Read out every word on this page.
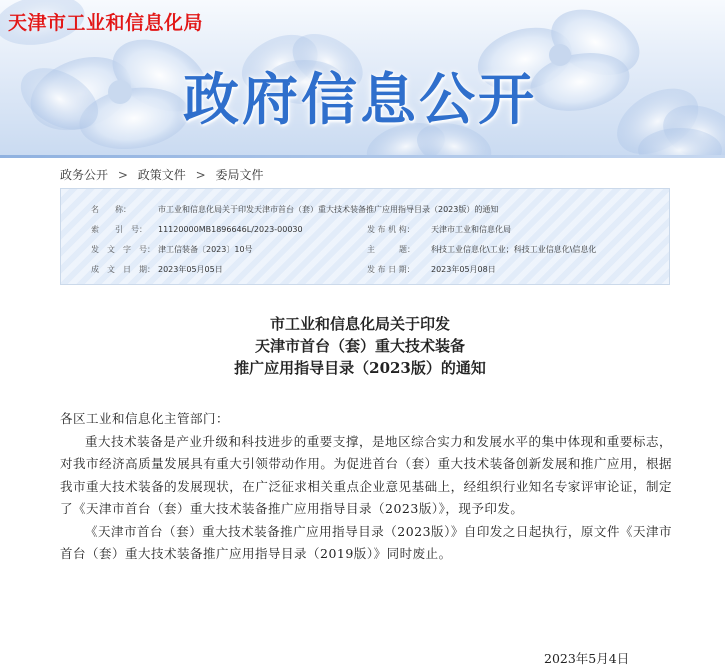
天津市工业和信息化局
政府信息公开
政务公开 > 政策文件 > 委局文件
名　　称：	市工业和信息化局关于印发天津市首台（套）重大技术装备推广应用指导目录（2023版）的通知
索　　引　号： 11120000MB1896646L/2023-00030	发 布 机 构： 天津市工业和信息化局
发　文　字　号： 津工信装备〔2023〕10号	主　　　题： 科技工业信息化\工业；科技工业信息化\信息化
成　文　日　期： 2023年05月05日	发 布 日 期： 2023年05月08日
市工业和信息化局关于印发
天津市首台（套）重大技术装备
推广应用指导目录（2023版）的通知

各区工业和信息化主管部门：

重大技术装备是产业升级和科技进步的重要支撑，是地区综合实力和发展水平的集中体现和重要标志，对我市经济高质量发展具有重大引领带动作用。为促进首台（套）重大技术装备创新发展和推广应用，根据我市重大技术装备的发展现状，在广泛征求相关重点企业意见基础上，经组织行业知名专家评审论证，制定了《天津市首台（套）重大技术装备推广应用指导目录（2023版）》，现予印发。

《天津市首台（套）重大技术装备推广应用指导目录（2023版）》自印发之日起执行，原文件《天津市首台（套）重大技术装备推广应用指导目录（2019版）》同时废止。

2023年5月4日
